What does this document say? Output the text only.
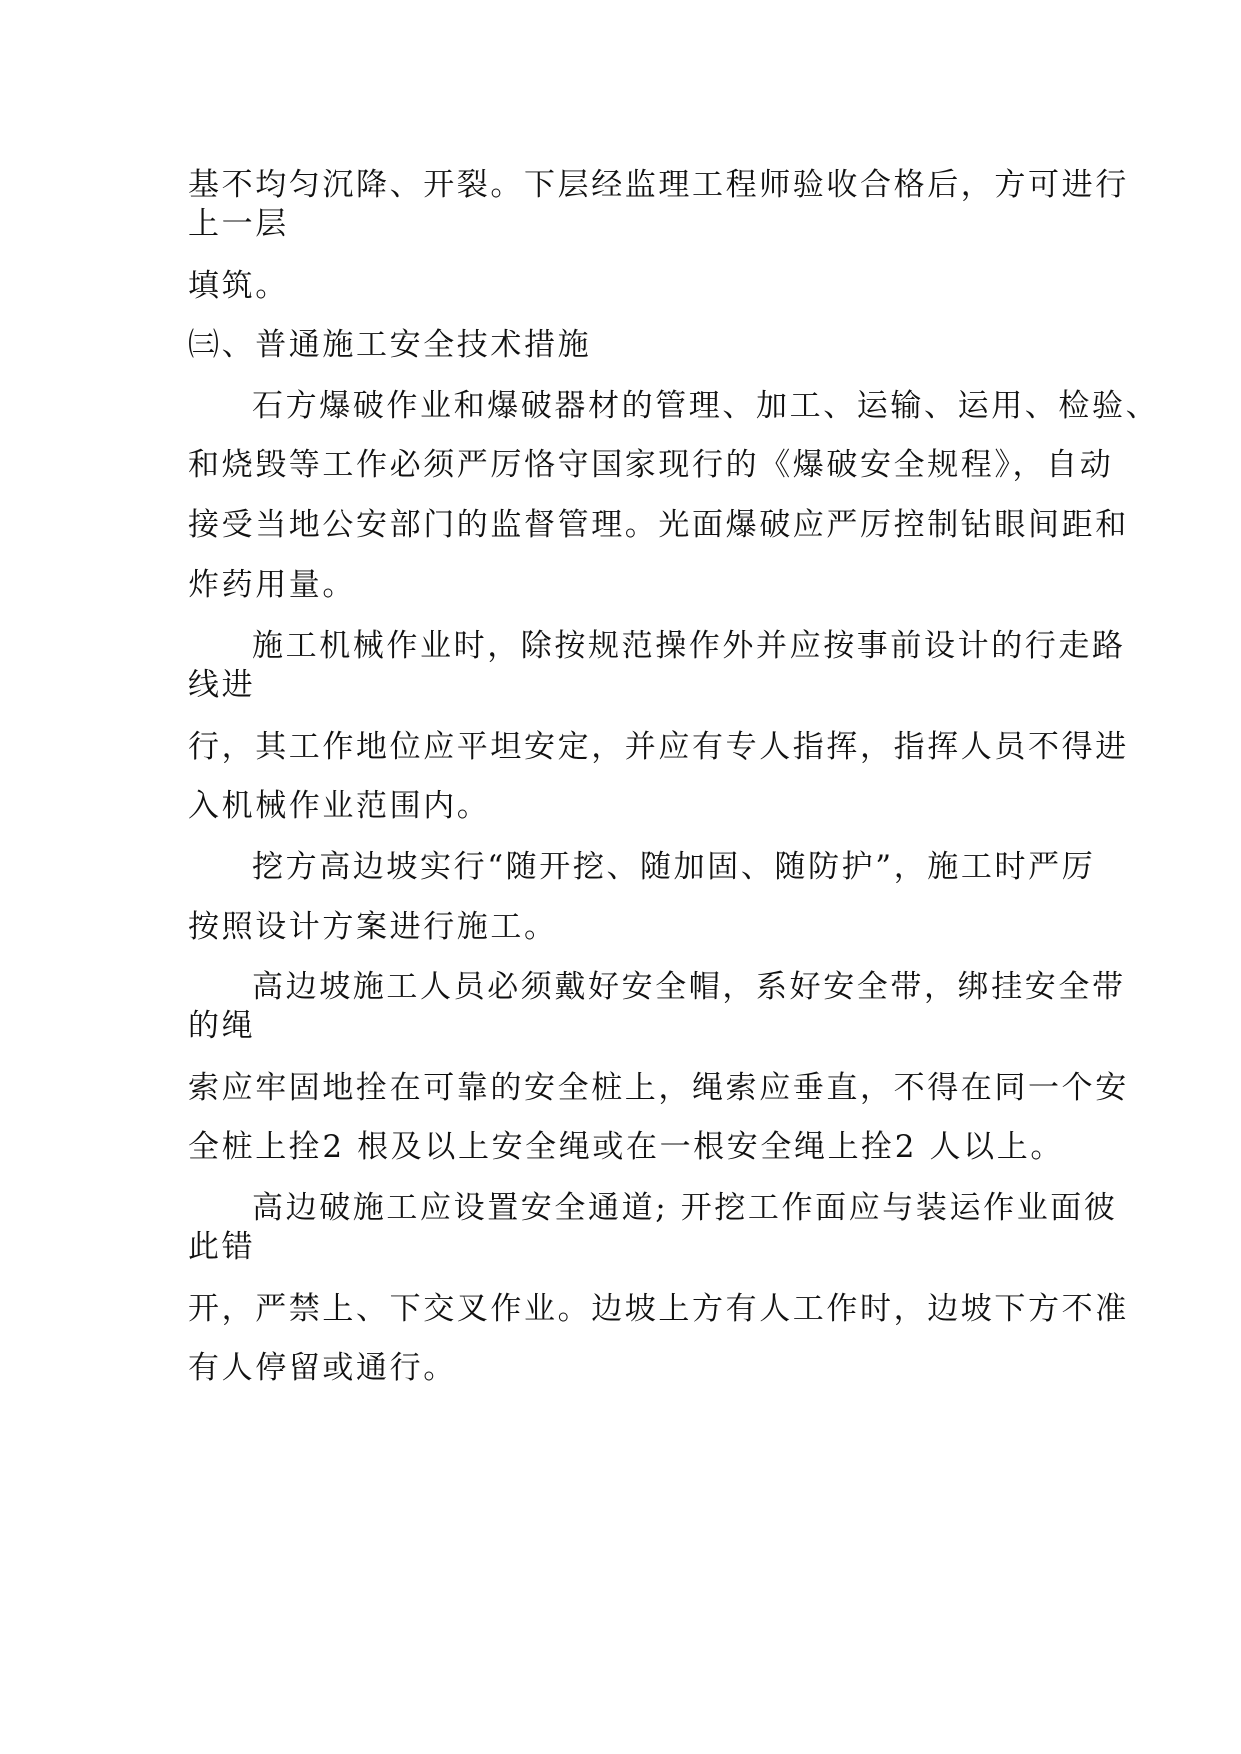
基不均匀沉降、开裂。下层经监理工程师验收合格后，方可进行
上一层
填筑。
㈢、普通施工安全技术措施
石方爆破作业和爆破器材的管理、加工、运输、运用、检验、
和烧毁等工作必须严厉恪守国家现行的《爆破安全规程》，自动
接受当地公安部门的监督管理。光面爆破应严厉控制钻眼间距和
炸药用量。
施工机械作业时，除按规范操作外并应按事前设计的行走路
线进
行，其工作地位应平坦安定，并应有专人指挥，指挥人员不得进
入机械作业范围内。
挖方高边坡实行“随开挖、随加固、随防护”，施工时严厉
按照设计方案进行施工。
高边坡施工人员必须戴好安全帽，系好安全带，绑挂安全带
的绳
索应牢固地拴在可靠的安全桩上，绳索应垂直，不得在同一个安
全桩上拴2 根及以上安全绳或在一根安全绳上拴2 人以上。
高边破施工应设置安全通道; 开挖工作面应与装运作业面彼
此错
开，严禁上、下交叉作业。边坡上方有人工作时，边坡下方不准
有人停留或通行。
